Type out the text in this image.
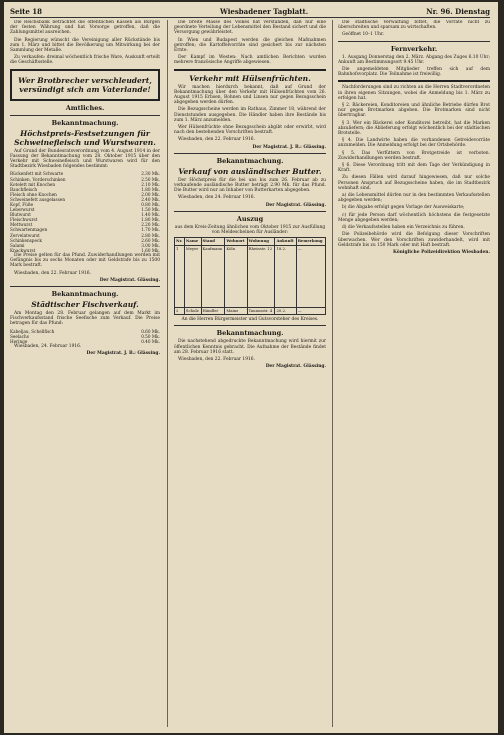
Seite 18	Wiesbadener Tagblatt.	Nr. 96. Dienstag

Die Reichsbank betrachtet die öffentlichen Kassen als Bürgen der festen Währung und hat Vorsorge getroffen, daß die Zahlungsmittel ausreichen.

Die Regierung wünscht die Vereinigung aller Rückstände bis zum 1. März und bittet die Bevölkerung um Mitwirkung bei der Sammlung der Metalle.

Zu verkaufen: dreimal wöchentlich frische Ware, Auskunft erteilt die Geschäftsstelle.

Wer Brotbrecher verschleudert, versündigt sich am Vaterlande!
Amtliches.
Bekanntmachung.
Höchstpreis-Festsetzungen für Schweinefleisch und Wurstwaren.

Auf Grund der Bundesratsverordnung vom 4. August 1914 in der Fassung der Bekanntmachung vom 28. Oktober 1915 über den Verkehr mit Schweinefleisch und Wurstwaren wird für den Stadtbezirk Wiesbaden folgendes bestimmt:

Rückenfett mit Schwarte	2.30 Mk.
Schinken, Vorderschinken	2.50 Mk.
Kotelett mit Knochen	2.10 Mk.
Bauchfleisch	1.80 Mk.
Fleisch ohne Knochen	2.00 Mk.
Schweinefett ausgelassen	2.40 Mk.
Kopf, Füße	0.80 Mk.
Leberwurst	1.50 Mk.
Blutwurst	1.40 Mk.
Fleischwurst	1.80 Mk.
Mettwurst	2.20 Mk.
Schwartenmagen	1.70 Mk.
Zervelatwurst	2.80 Mk.
Schinkenspeck	2.60 Mk.
Salami	3.00 Mk.
Knackwurst	1.60 Mk.

Die Preise gelten für das Pfund. Zuwiderhandlungen werden mit Gefängnis bis zu sechs Monaten oder mit Geldstrafe bis zu 1500 Mark bestraft.

Wiesbaden, den 22. Februar 1916.

Der Magistrat. Glässing.
Bekanntmachung.
Städtischer Fischverkauf.

Am Montag den 28. Februar gelangen auf dem Markt im Fischverkaufsstand frische Seefische zum Verkauf. Die Preise betragen für das Pfund:

Kabeljau, Schellfisch	0.60 Mk.
Seelachs	0.50 Mk.
Heringe	0.40 Mk.

Wiesbaden, 24. Februar 1916.

Der Magistrat. J. B.: Glässing.

Die breite Masse des Volkes hat verstanden, daß nur eine geordnete Verteilung der Lebensmittel den Bestand sichert und die Versorgung gewährleistet.

In Wien und Budapest werden die gleichen Maßnahmen getroffen; die Kartoffelvorräte sind gesichert bis zur nächsten Ernte.

Der Kampf im Westen: Nach amtlichen Berichten wurden mehrere französische Angriffe abgewiesen.

Verkehr mit Hülsenfrüchten.

Wir machen hierdurch bekannt, daß auf Grund der Bekanntmachung über den Verkehr mit Hülsenfrüchten vom 26. August 1915 Erbsen, Bohnen und Linsen nur gegen Bezugsschein abgegeben werden dürfen.

Die Bezugsscheine werden im Rathaus, Zimmer 18, während der Dienststunden ausgegeben. Die Händler haben ihre Bestände bis zum 1. März anzumelden.

Wer Hülsenfrüchte ohne Bezugsschein abgibt oder erwirbt, wird nach den bestehenden Vorschriften bestraft.

Wiesbaden, den 22. Februar 1916.

Der Magistrat. J. B.: Glässing.
Bekanntmachung.
Verkauf von ausländischer Butter.

Der Höchstpreis für die bei uns bis zum 26. Februar ab zu verkaufende ausländische Butter beträgt 2.90 Mk. für das Pfund. Die Butter wird nur an Inhaber von Butterkarten abgegeben.

Wiesbaden, den 24. Februar 1916.

Der Magistrat. Glässing.
Auszug

aus dem Kreis-Zeitung ähnlichen vom Oktober 1915 zur Ausfüllung von Meldescheinen für Ausländer:

Nr.	Name	Stand	Wohnort	Wohnung	Ankunft	Bemerkung
1	Meyer	Kaufmann	Köln	Rheinstr. 12	18.2.	—
2	Schulz	Händler	Mainz	Taunusstr. 4	20.2.	—

An die Herren Bürgermeister und Gutsvorsteher des Kreises.

Bekanntmachung.

Die nachstehend abgedruckte Bekanntmachung wird hiermit zur öffentlichen Kenntnis gebracht. Die Aufnahme der Bestände findet am 28. Februar 1916 statt.

Wiesbaden, den 22. Februar 1916.

Der Magistrat. Glässing.

Die städtische Verwaltung bittet, die Vorräte nicht zu überschreiten und sparsam zu wirtschaften.

Geöffnet 10–1 Uhr.

Fernverkehr.

1. Ausgang Donnerstag den 2. März. Abgang des Zuges 6.10 Uhr; Ankunft am Bestimmungsort 9.45 Uhr.

Die angemeldeten Mitglieder treffen sich auf dem Bahnhofsvorplatz. Die Teilnahme ist freiwillig.

Nachforderungen sind zu richten an die Herren Stadtverordneten in ihren eigenen Sitzungen, wobei die Anmeldung bis 1. März zu erfolgen hat.

§ 2. Bäckereien, Konditoreien und ähnliche Betriebe dürfen Brot nur gegen Brotmarken abgeben. Die Brotmarken sind nicht übertragbar.

§ 3. Wer ein Bäckerei oder Konditorei betreibt, hat die Marken abzuliefern; die Ablieferung erfolgt wöchentlich bei der städtischen Brotstelle.

§ 4. Die Landwirte haben die vorhandenen Getreidevorräte anzumelden. Die Anmeldung erfolgt bei der Ortsbehörde.

§ 5. Das Verfüttern von Brotgetreide ist verboten. Zuwiderhandlungen werden bestraft.

§ 6. Diese Verordnung tritt mit dem Tage der Verkündigung in Kraft.

Zu diesen Fällen wird darauf hingewiesen, daß nur solche Personen Anspruch auf Bezugsscheine haben, die im Stadtbezirk wohnhaft sind.

a) die Lebensmittel dürfen nur in den bestimmten Verkaufsstellen abgegeben werden;

b) die Abgabe erfolgt gegen Vorlage der Ausweiskarte;

c) für jede Person darf wöchentlich höchstens die festgesetzte Menge abgegeben werden;

d) die Verkaufsstellen haben ein Verzeichnis zu führen.

Die Polizeibehörde wird die Befolgung dieser Vorschriften überwachen. Wer den Vorschriften zuwiderhandelt, wird mit Geldstrafe bis zu 150 Mark oder mit Haft bestraft.

Königliche Polizeidirektion Wiesbaden.
